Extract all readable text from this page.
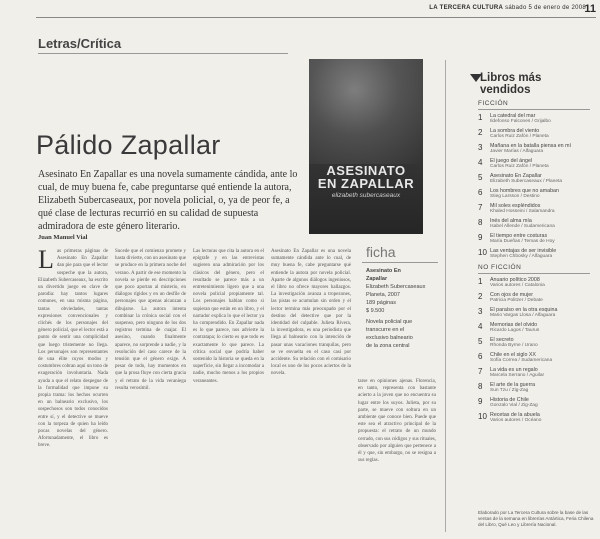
LA TERCERA CULTURA sábado 5 de enero de 2008
11
Letras/Crítica
Pálido Zapallar
Asesinato En Zapallar es una novela sumamente cándida, ante lo cual, de muy buena fe, cabe preguntarse qué entiende la autora, Elizabeth Subercaseaux, por novela policial, o, ya de peor fe, a qué clase de lecturas recurrió en su calidad de supuesta admiradora de este género literario.
Juan Manuel Vial
L as primeras páginas de Asesinato En Zapallar dan pie para que el lector sospeche que la autora, Elizabeth Subercaseaux, ha escrito un divertido juego en clave de parodia: hay tantos lugares comunes, en una misma página, tantas obviedades, tantas expresiones convencionales y clichés de los personajes del género policial, que el lector está a punto de sentir una complicidad que luego tristemente no llega. Los personajes son representantes de una élite cuyos modos y costumbres cobran aquí un tono de exageración involuntaria. Nada ayuda a que el relato despegue de la formalidad que impone su propia trama: los hechos ocurren en un balneario exclusivo, los sospechosos son todos conocidos entre sí, y el detective se mueve con la torpeza de quien ha leído pocas novelas del género. Afortunadamente, el libro es breve.
Sucede que el comienzo promete y hasta divierte, con un asesinato que se produce en la primera noche del verano. A partir de ese momento la novela se pierde en descripciones que poco aportan al misterio, en diálogos rígidos y en un desfile de personajes que apenas alcanzan a dibujarse. La autora intenta combinar la crónica social con el suspenso, pero ninguno de los dos registros termina de cuajar. El asesino, cuando finalmente aparece, no sorprende a nadie, y la resolución del caso carece de la tensión que el género exige. A pesar de todo, hay momentos en que la prosa fluye con cierta gracia y el retrato de la vida veraniega resulta verosímil.
Las lecturas que cita la autora en el epígrafe y en las entrevistas sugieren una admiración por los clásicos del género, pero el resultado se parece más a un entretenimiento ligero que a una novela policial propiamente tal. Los personajes hablan como si supieran que están en un libro, y el narrador explica lo que el lector ya ha comprendido. En Zapallar nada es lo que parece, nos advierte la contratapa; lo cierto es que todo es exactamente lo que parece. La crítica social que podría haber sostenido la historia se queda en la superficie, sin llegar a incomodar a nadie, mucho menos a los propios veraneantes.
Asesinato En Zapallar es una novela sumamente cándida ante lo cual, de muy buena fe, cabe preguntarse qué entiende la autora por novela policial. Aparte de algunos diálogos ingeniosos, el libro no ofrece mayores hallazgos. La investigación avanza a tropezones, las pistas se acumulan sin orden y el lector termina más preocupado por el destino del detective que por la identidad del culpable. Julieta Rivera, la investigadora, es una periodista que llega al balneario con la intención de pasar unas vacaciones tranquilas, pero se ve envuelta en el caso casi por accidente. Su relación con el comisario local es uno de los pocos aciertos de la novela.
tarse en opiniones ajenas. Florencia, en tanto, representa con bastante acierto a la joven que no encuentra su lugar entre los suyos. Julieta, por su parte, se mueve con soltura en un ambiente que conoce bien. Puede que este sea el atractivo principal de la propuesta: el retrato de un mundo cerrado, con sus códigos y sus rituales, observado por alguien que pertenece a él y que, sin embargo, no se resigna a sus reglas.
ASESINATO EN ZAPALLAR
elizabeth subercaseaux
ficha
Asesinato En
Zapallar
Elizabeth Subercaseaux
Planeta, 2007
189 páginas
$ 9.500
Novela policial que
transcurre en el
exclusivo balneario
de la zona central
Libros más
vendidos
FICCIÓN
1 La catedral del mar
Ildefonso Falcones / Grijalbo
2 La sombra del viento
Carlos Ruiz Zafón / Planeta
3 Mañana en la batalla piensa en mí
Javier Marías / Alfaguara
4 El juego del ángel
Carlos Ruiz Zafón / Planeta
5 Asesinato En Zapallar
Elizabeth Subercaseaux / Planeta
6 Los hombres que no amaban
Stieg Larsson / Destino
7 Mil soles espléndidos
Khaled Hosseini / Salamandra
8 Inés del alma mía
Isabel Allende / Sudamericana
9 El tiempo entre costuras
María Dueñas / Temas de Hoy
10 Las ventajas de ser invisible
Stephen Chbosky / Alfaguara
NO FICCIÓN
1 Anuario político 2008
Varios autores / Catalonia
2 Con ojos de mujer
Patricia Politzer / Debate
3 El paraíso en la otra esquina
Mario Vargas Llosa / Alfaguara
4 Memorias del olvido
Ricardo Lagos / Taurus
5 El secreto
Rhonda Byrne / Urano
6 Chile en el siglo XX
Sofía Correa / Sudamericana
7 La vida es un regalo
Marcela Serrano / Aguilar
8 El arte de la guerra
Sun Tzu / Zig-Zag
9 Historia de Chile
Gonzalo Vial / Zig-Zag
10 Recetas de la abuela
Varios autores / Océano
Elaborado por La Tercera Cultura sobre la base de las ventas de la semana en librerías Antártica, Feria Chilena del Libro, Qué Leo y Librería Nacional.
